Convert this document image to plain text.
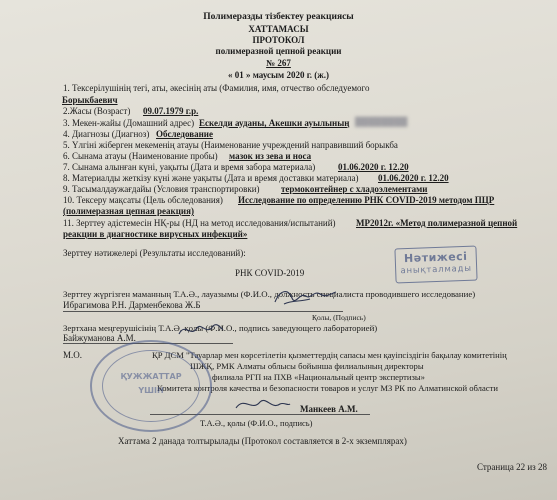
Полимеразды тізбектеу реакциясы
ХАТТАМАСЫ
ПРОТОКОЛ
полимеразной цепной реакции
№ 267
« 01 » маусым 2020 г. (ж.)
1. Тексерілушінің тегі, аты, әкесінің аты (Фамилия, имя, отчество обследуемого
Борыкбаевич
2.Жасы (Возраст) 09.07.1979 г.р.
3. Мекен-жайы (Домашний адрес) Ескелди ауданы, Акешки ауылының ▓▓▓▓▓▓▓▓
4. Диагнозы (Диагноз) Обследование
5. Үлгіні жіберген мекеменің атауы (Наименование учреждений направивший борыкба
6. Сынама атауы (Наименование пробы) мазок из зева и носа
7. Сынама алынған күні, уақыты (Дата и время забора материала)	01.06.2020 г. 12.20
8. Материалды жеткізу күні және уақыты (Дата и время доставки материала) 01.06.2020 г. 12.20
9. Тасымалдаужағдайы (Условия транспортировки) термоконтейнер с хладоэлементами
10. Тексеру мақсаты (Цель обследования) Исследование по определению РНК COVID-2019 методом ПЦР
(полимеразная цепная реакция)
11. Зерттеу әдістемесін НҚ-ры (НД на метод исследования/испытаний) МР2012г. «Метод полимеразной цепной
реакции в диагностике вирусных инфекций»
Зерттеу нәтижелері (Результаты исследований):
РНК COVID-2019
Нәтижесі
анықталмады
Зерттеу жүргізген маманның Т.А.Ә., лауазымы (Ф.И.О., должность специалиста проводившего исследование)
Ибрагимова Р.Н. Дарменбекова Ж.Б
Қолы, (Подпись)
Зертхана меңгерушісінің Т.А.Ә, қолы (Ф.И.О., подпись заведующего лабораторией)
Байжуманова А.М.
М.О.	ҚР ДСМ "Тауарлар мен көрсетілетін қызметтердің сапасы мен қауіпсіздігін бақылау комитетінің
ШЖҚ, РМК Алматы облысы бойынша филиалының директоры
филиала РГП на ПХВ «Национальный центр экспертизы»
Комитета контроля качества и безопасности товаров и услуг МЗ РК по Алматинской области
Манкеев А.М.
Т.А.Ә., қолы (Ф.И.О., подпись)
ҚУЖЖАТТАР
ҮШІН
Хаттама 2 данада толтырылады (Протокол составляется в 2-х экземплярах)
Страница 22 из 28
